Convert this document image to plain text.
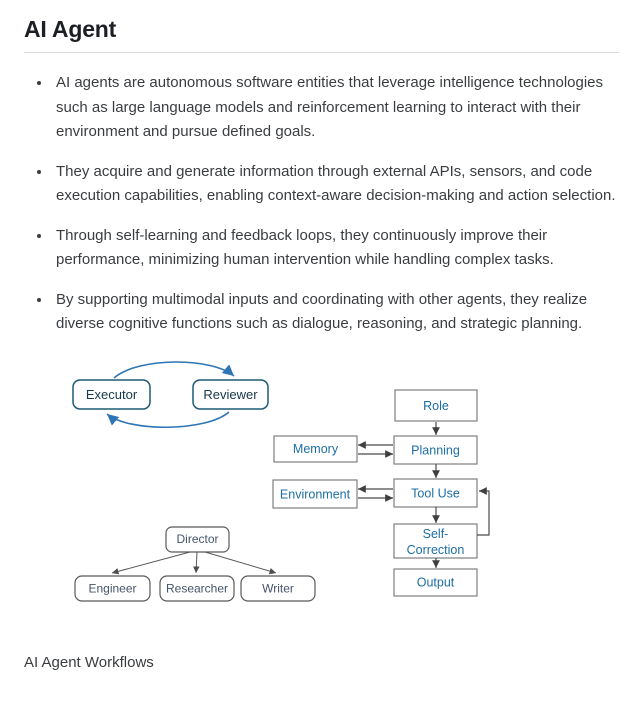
AI Agent
• AI agents are autonomous software entities that leverage intelligence technologies such as large language models and reinforcement learning to interact with their environment and pursue defined goals.
• They acquire and generate information through external APIs, sensors, and code execution capabilities, enabling context-aware decision-making and action selection.
• Through self-learning and feedback loops, they continuously improve their performance, minimizing human intervention while handling complex tasks.
• By supporting multimodal inputs and coordinating with other agents, they realize diverse cognitive functions such as dialogue, reasoning, and strategic planning.
Executor	Reviewer
Role
Planning
Memory
Tool Use
Environment
Self-
Correction
Output
Director
Engineer Researcher	Writer

AI Agent Workflows
